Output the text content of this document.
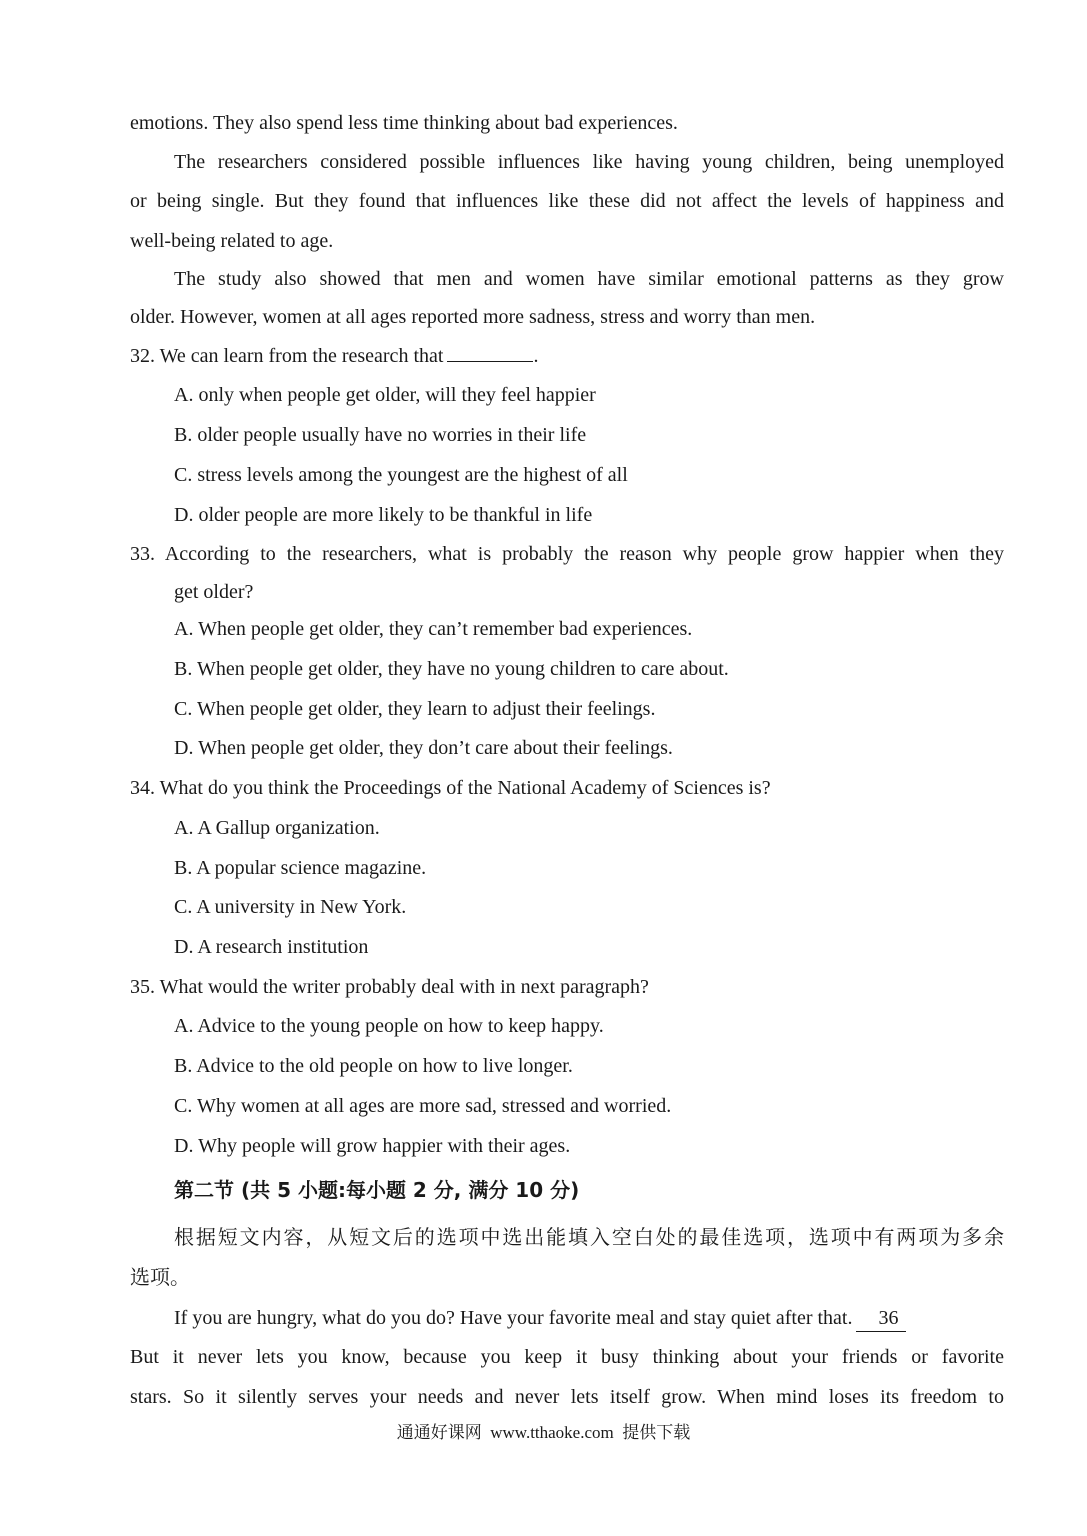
emotions. They also spend less time thinking about bad experiences.
The researchers considered possible influences like having young children, being unemployed
or being single. But they found that influences like these did not affect the levels of happiness and
well-being related to age.
The study also showed that men and women have similar emotional patterns as they grow
older. However, women at all ages reported more sadness, stress and worry than men.
32. We can learn from the research that	.
A. only when people get older, will they feel happier
B. older people usually have no worries in their life
C. stress levels among the youngest are the highest of all
D. older people are more likely to be thankful in life
33. According to the researchers, what is probably the reason why people grow happier when they
get older?
A. When people get older, they can’t remember bad experiences.
B. When people get older, they have no young children to care about.
C. When people get older, they learn to adjust their feelings.
D. When people get older, they don’t care about their feelings.
34. What do you think the Proceedings of the National Academy of Sciences is?
A. A Gallup organization.
B. A popular science magazine.
C. A university in New York.
D. A research institution
35. What would the writer probably deal with in next paragraph?
A. Advice to the young people on how to keep happy.
B. Advice to the old people on how to live longer.
C. Why women at all ages are more sad, stressed and worried.
D. Why people will grow happier with their ages.
第二节 (共 5 小题:每小题 2 分, 满分 10 分)
根据短文内容，从短文后的选项中选出能填入空白处的最佳选项，选项中有两项为多余
选项。
If you are hungry, what do you do? Have your favorite meal and stay quiet after that. 36
But it never lets you know, because you keep it busy thinking about your friends or favorite
stars. So it silently serves your needs and never lets itself grow. When mind loses its freedom to
通通好课网 www.tthaoke.com 提供下载
